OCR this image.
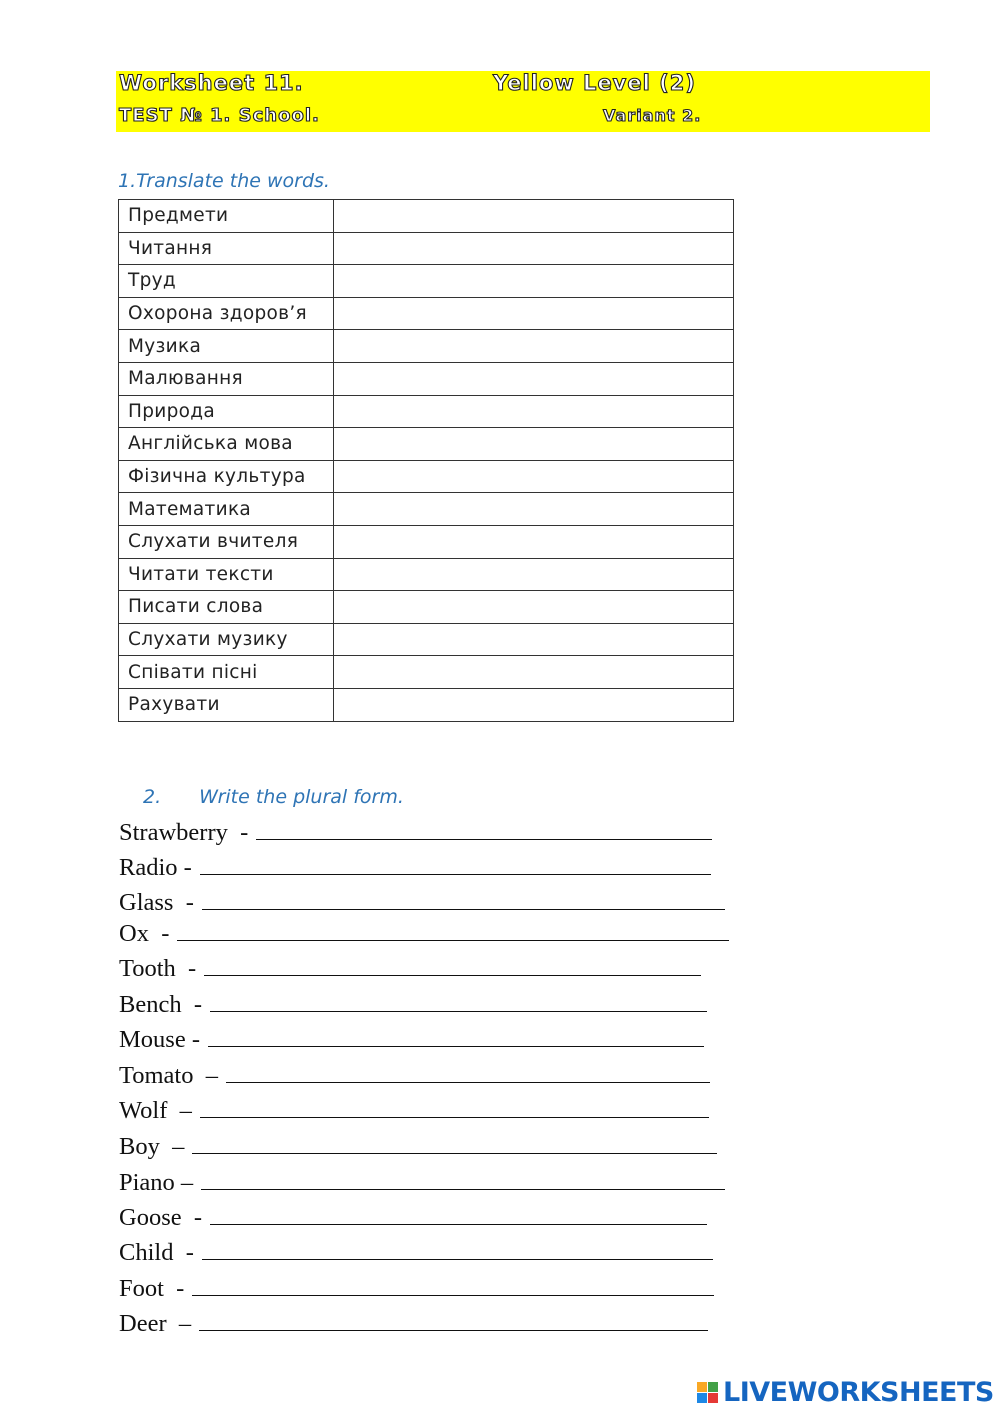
Worksheet 11.	Yellow Level (2)
TEST № 1. School.	Variant 2.
1.Translate the words.
Предмети	
Читання	
Труд	
Охорона здоров’я	
Музика	
Малювання	
Природа	
Англійська мова	
Фізична культура	
Математика	
Слухати вчителя	
Читати тексти	
Писати слова	
Слухати музику	
Співати пісні	
Рахувати	
2. Write the plural form.
Strawberry  -
Radio -
Glass  -
Ox  -
Tooth  -
Bench  -
Mouse -
Tomato  –
Wolf  –
Boy  –
Piano –
Goose  -
Child  -
Foot  -
Deer  –
LIVEWORKSHEETS
